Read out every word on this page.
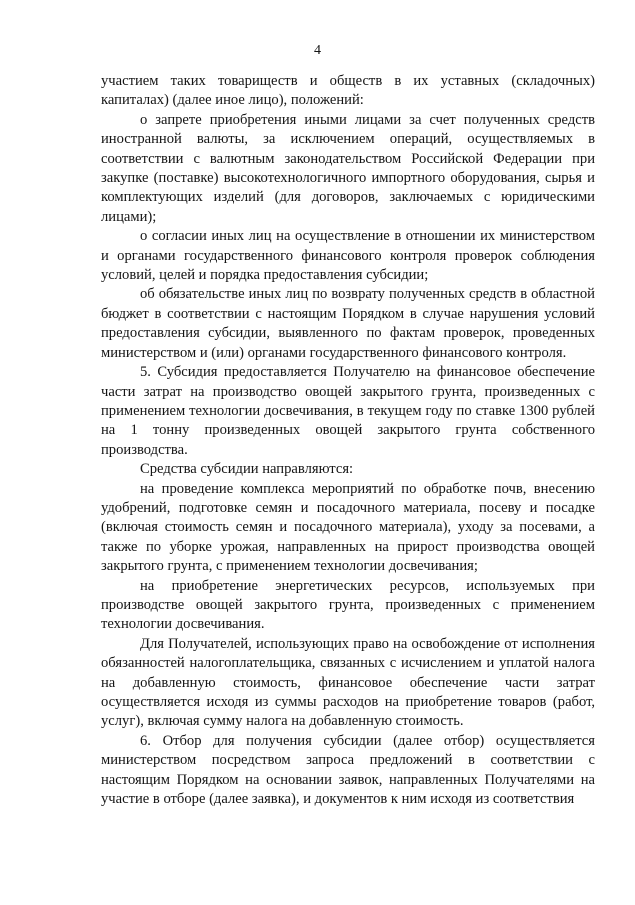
4

участием таких товариществ и обществ в их уставных (складочных) капиталах) (далее иное лицо), положений:

о запрете приобретения иными лицами за счет полученных средств иностранной валюты, за исключением операций, осуществляемых в соответствии с валютным законодательством Российской Федерации при закупке (поставке) высокотехнологичного импортного оборудования, сырья и комплектующих изделий (для договоров, заключаемых с юридическими лицами);

о согласии иных лиц на осуществление в отношении их министерством и органами государственного финансового контроля проверок соблюдения условий, целей и порядка предоставления субсидии;

об обязательстве иных лиц по возврату полученных средств в областной бюджет в соответствии с настоящим Порядком в случае нарушения условий предоставления субсидии, выявленного по фактам проверок, проведенных министерством и (или) органами государственного финансового контроля.

5. Субсидия предоставляется Получателю на финансовое обеспечение части затрат на производство овощей закрытого грунта, произведенных с применением технологии досвечивания, в текущем году по ставке 1300 рублей на 1 тонну произведенных овощей закрытого грунта собственного производства.

Средства субсидии направляются:

на проведение комплекса мероприятий по обработке почв, внесению удобрений, подготовке семян и посадочного материала, посеву и посадке (включая стоимость семян и посадочного материала), уходу за посевами, а также по уборке урожая, направленных на прирост производства овощей закрытого грунта, с применением технологии досвечивания;

на приобретение энергетических ресурсов, используемых при производстве овощей закрытого грунта, произведенных с применением технологии досвечивания.

Для Получателей, использующих право на освобождение от исполнения обязанностей налогоплательщика, связанных с исчислением и уплатой налога на добавленную стоимость, финансовое обеспечение части затрат осуществляется исходя из суммы расходов на приобретение товаров (работ, услуг), включая сумму налога на добавленную стоимость.

6. Отбор для получения субсидии (далее отбор) осуществляется министерством посредством запроса предложений в соответствии с настоящим Порядком на основании заявок, направленных Получателями на участие в отборе (далее заявка), и документов к ним исходя из соответствия
